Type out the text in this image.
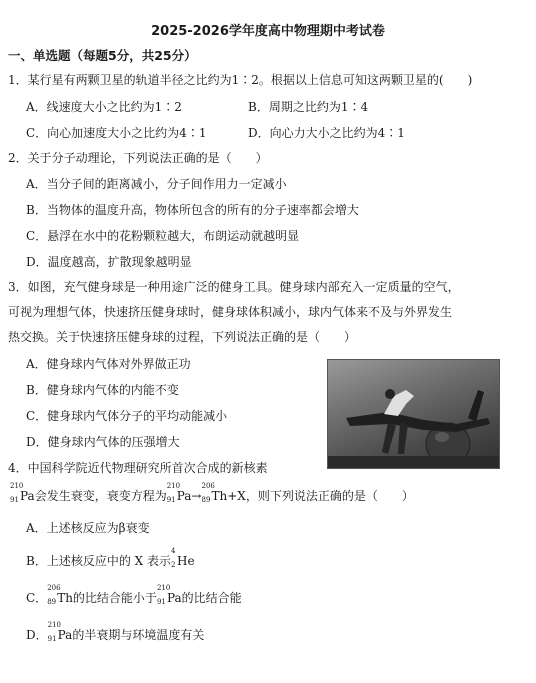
2025-2026学年度高中物理期中考试卷
一、单选题（每题5分，共25分）
1．某行星有两颗卫星的轨道半径之比约为1∶2。根据以上信息可知这两颗卫星的(　　)
A．线速度大小之比约为1∶2	B．周期之比约为1∶4
C．向心加速度大小之比约为4∶1	D．向心力大小之比约为4∶1
2．关于分子动理论，下列说法正确的是（　　）
A．当分子间的距离减小，分子间作用力一定减小
B．当物体的温度升高，物体所包含的所有的分子速率都会增大
C．悬浮在水中的花粉颗粒越大，布朗运动就越明显
D．温度越高，扩散现象越明显
3．如图，充气健身球是一种用途广泛的健身工具。健身球内部充入一定质量的空气，
可视为理想气体，快速挤压健身球时，健身球体积减小，球内气体来不及与外界发生
热交换。关于快速挤压健身球的过程，下列说法正确的是（　　）
A．健身球内气体对外界做正功
B．健身球内气体的内能不变
C．健身球内气体分子的平均动能减小
D．健身球内气体的压强增大
4．中国科学院近代物理研究所首次合成的新核素
210
91 Pa会发生衰变，衰变方程为
210
91 Pa→
206
89 Th+X，则下列说法正确的是（　　）
A．上述核反应为β衰变
B．上述核反应中的 X 表示
4
2 He
C．
206
89 Th的比结合能小于
210
91 Pa的比结合能
D．
210
91 Pa的半衰期与环境温度有关
